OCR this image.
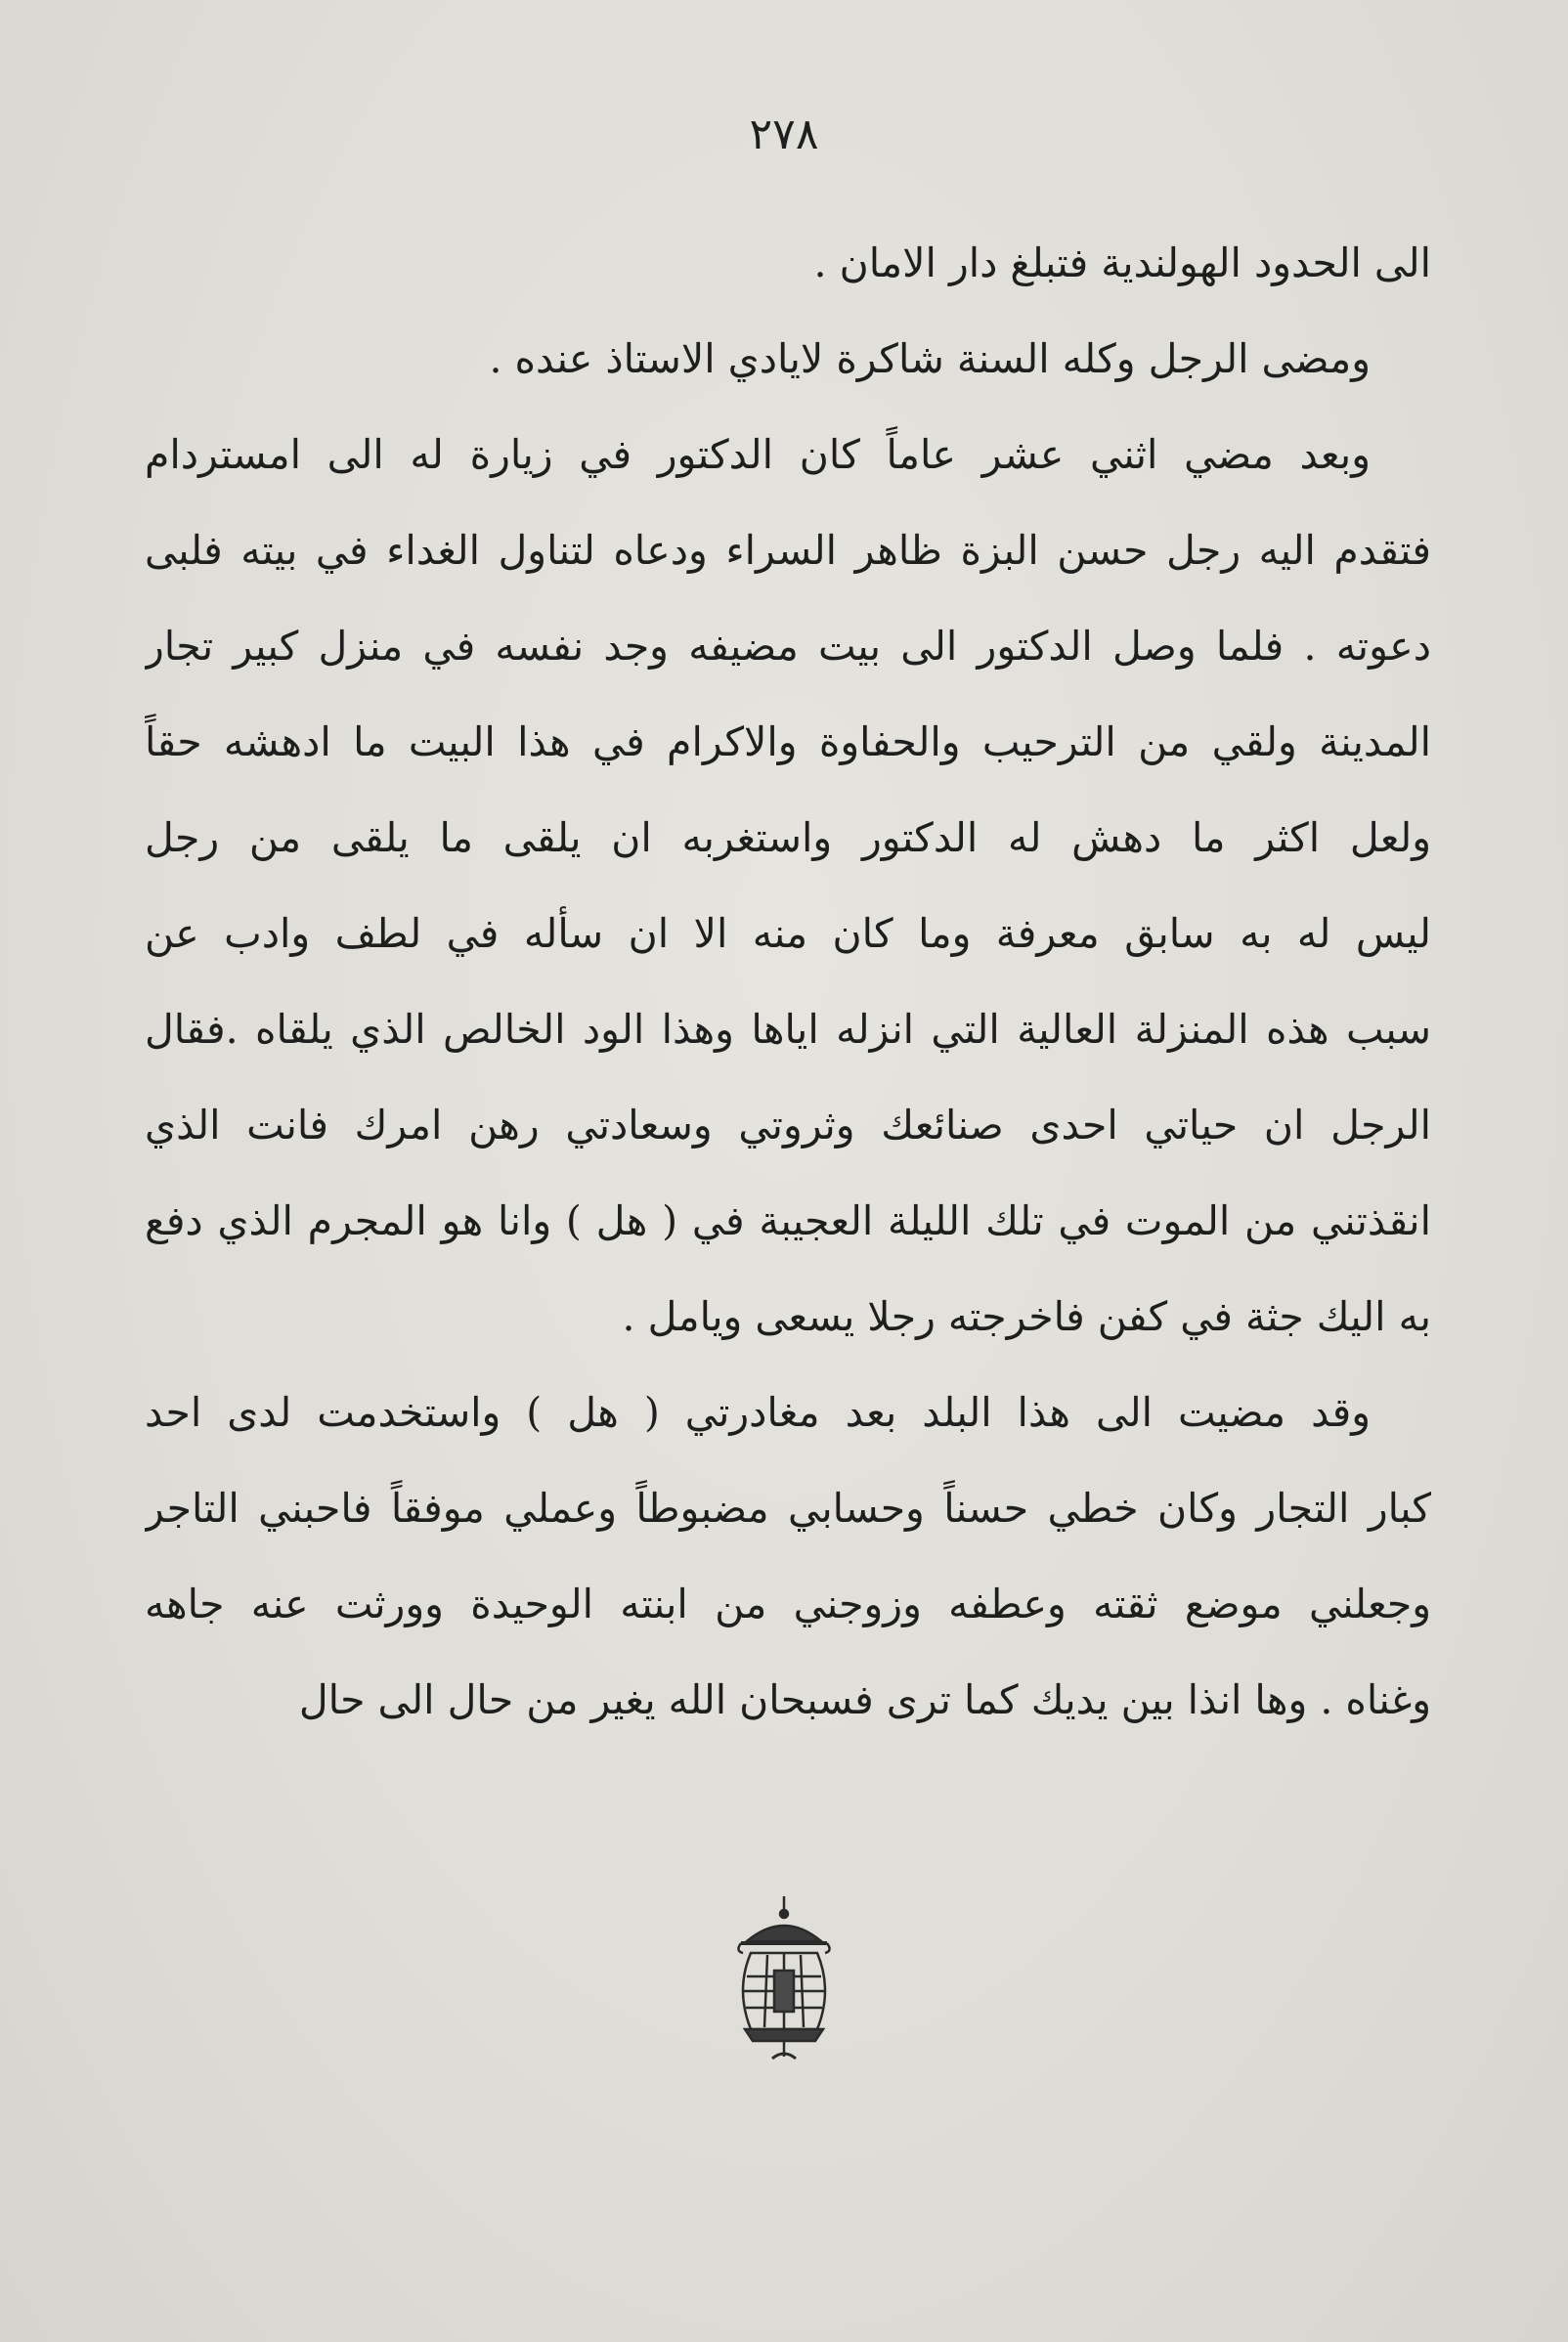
٢٧٨
الى الحدود الهولندية فتبلغ دار الامان .
ومضى الرجل وكله السنة شاكرة لايادي الاستاذ عنده .
وبعد مضي اثني عشر عاماً كان الدكتور في زيارة له الى امستردام
فتقدم اليه رجل حسن البزة ظاهر السراء ودعاه لتناول الغداء في بيته فلبى
دعوته . فلما وصل الدكتور الى بيت مضيفه وجد نفسه في منزل كبير تجار
المدينة ولقي من الترحيب والحفاوة والاكرام في هذا البيت ما ادهشه حقاً
ولعل اكثر ما دهش له الدكتور واستغربه ان يلقى ما يلقى من رجل
ليس له به سابق معرفة وما كان منه الا ان سأله في لطف وادب عن
سبب هذه المنزلة العالية التي انزله اياها وهذا الود الخالص الذي يلقاه .فقال
الرجل ان حياتي احدى صنائعك وثروتي وسعادتي رهن امرك فانت الذي
انقذتني من الموت في تلك الليلة العجيبة في ( هل ) وانا هو المجرم الذي دفع
به اليك جثة في كفن فاخرجته رجلا يسعى ويامل .
وقد مضيت الى هذا البلد بعد مغادرتي ( هل ) واستخدمت لدى احد
كبار التجار وكان خطي حسناً وحسابي مضبوطاً وعملي موفقاً فاحبني التاجر
وجعلني موضع ثقته وعطفه وزوجني من ابنته الوحيدة وورثت عنه جاهه
وغناه . وها انذا بين يديك كما ترى فسبحان الله يغير من حال الى حال
